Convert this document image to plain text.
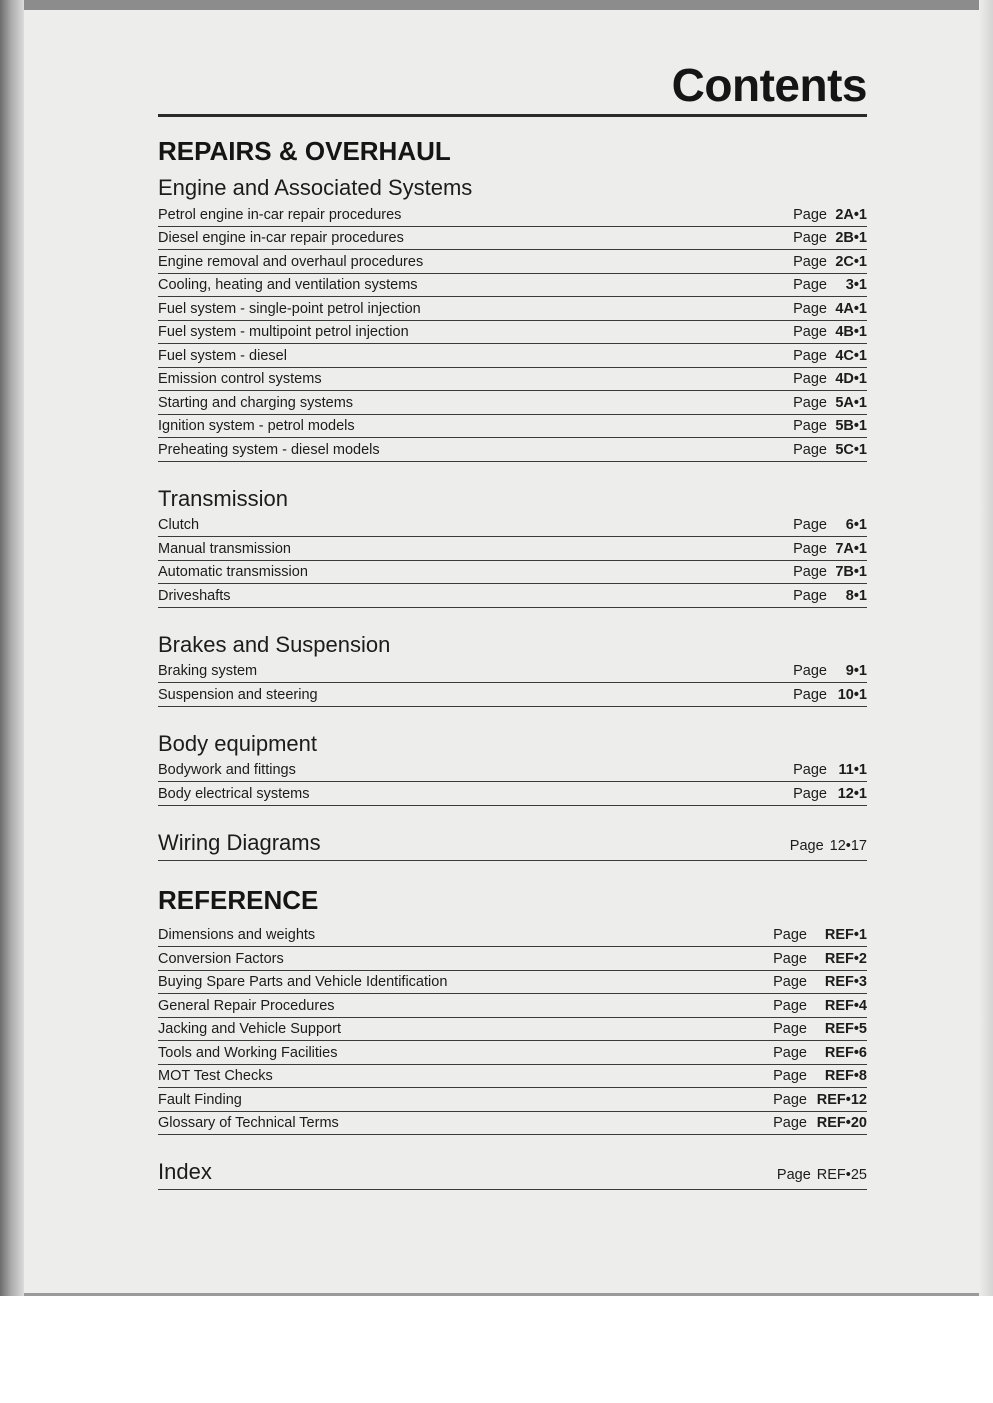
Contents
REPAIRS & OVERHAUL
Engine and Associated Systems
Petrol engine in-car repair procedures	Page 2A•1
Diesel engine in-car repair procedures	Page 2B•1
Engine removal and overhaul procedures	Page 2C•1
Cooling, heating and ventilation systems	Page	3•1
Fuel system - single-point petrol injection	Page 4A•1
Fuel system - multipoint petrol injection	Page 4B•1
Fuel system - diesel	Page 4C•1
Emission control systems	Page 4D•1
Starting and charging systems	Page 5A•1
Ignition system - petrol models	Page 5B•1
Preheating system - diesel models	Page 5C•1
Transmission
Clutch	Page	6•1
Manual transmission	Page 7A•1
Automatic transmission	Page 7B•1
Driveshafts	Page	8•1
Brakes and Suspension
Braking system	Page	9•1
Suspension and steering	Page 10•1
Body equipment
Bodywork and fittings	Page 11•1
Body electrical systems	Page 12•1
Wiring Diagrams	Page 12•17
REFERENCE
Dimensions and weights	Page	REF•1
Conversion Factors	Page	REF•2
Buying Spare Parts and Vehicle Identification	Page	REF•3
General Repair Procedures	Page	REF•4
Jacking and Vehicle Support	Page	REF•5
Tools and Working Facilities	Page	REF•6
MOT Test Checks	Page	REF•8
Fault Finding	Page REF•12
Glossary of Technical Terms	Page REF•20
Index	Page REF•25
